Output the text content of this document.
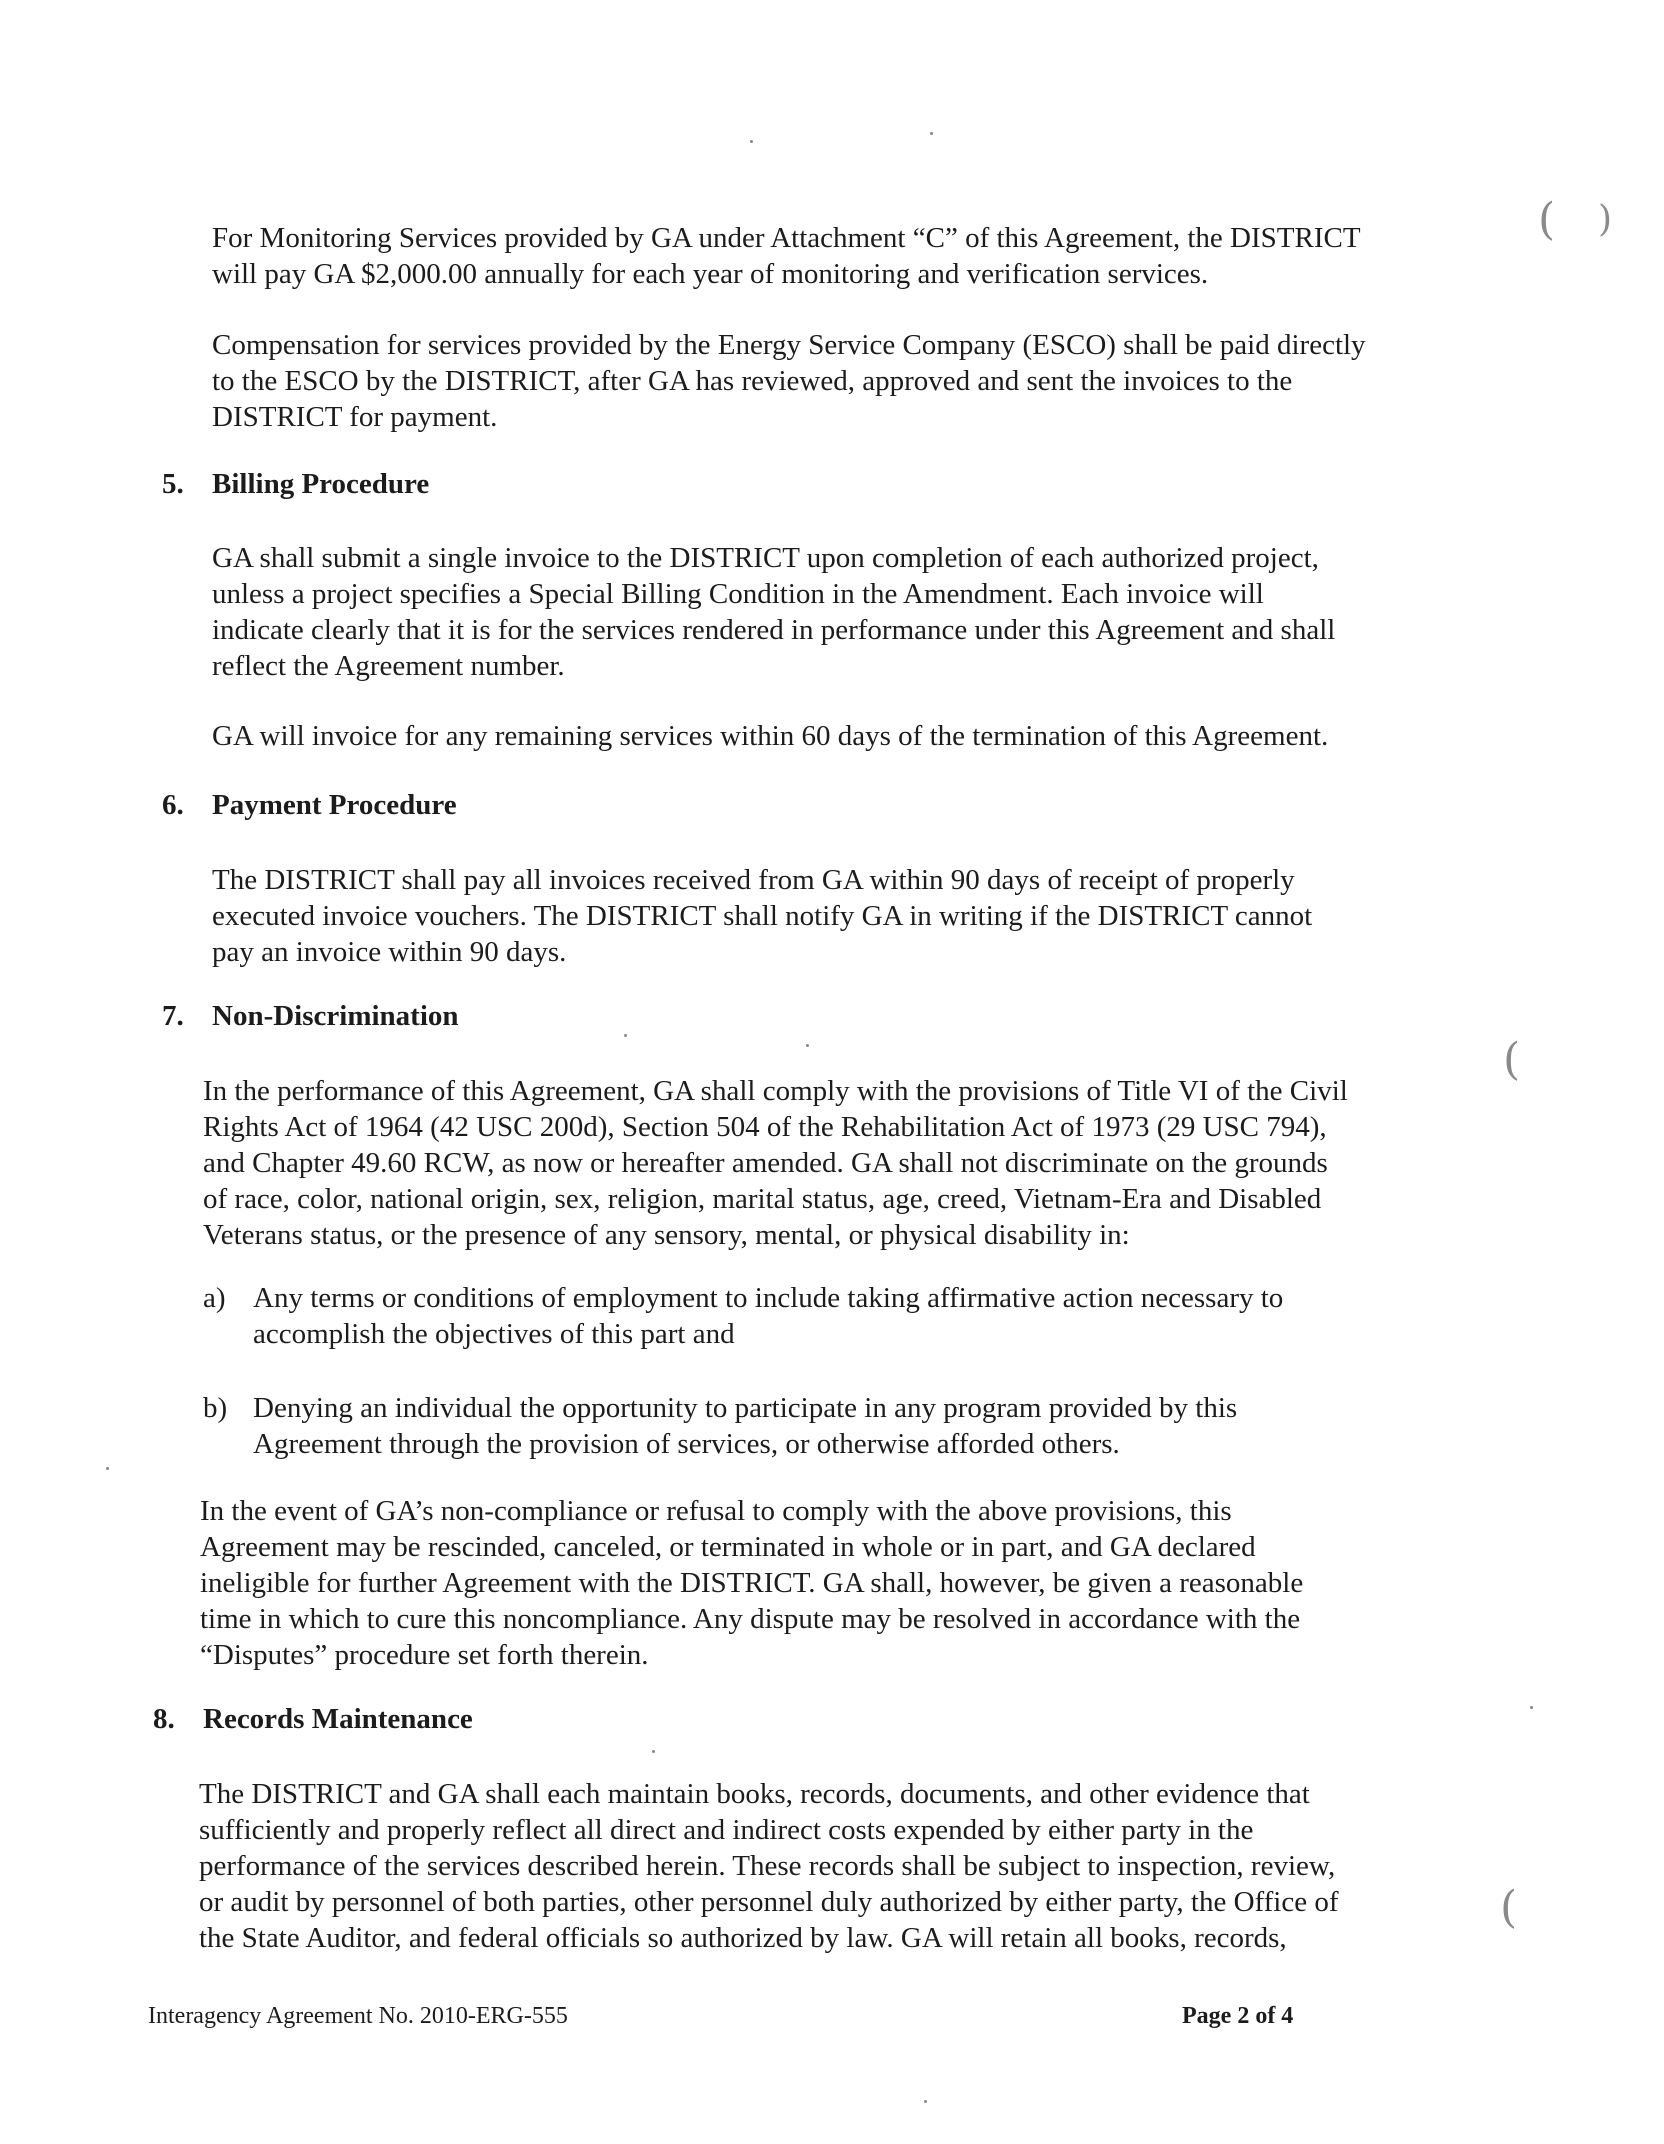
For Monitoring Services provided by GA under Attachment “C” of this Agreement, the DISTRICT
will pay GA $2,000.00 annually for each year of monitoring and verification services.
Compensation for services provided by the Energy Service Company (ESCO) shall be paid directly
to the ESCO by the DISTRICT, after GA has reviewed, approved and sent the invoices to the
DISTRICT for payment.
5. Billing Procedure
GA shall submit a single invoice to the DISTRICT upon completion of each authorized project,
unless a project specifies a Special Billing Condition in the Amendment. Each invoice will
indicate clearly that it is for the services rendered in performance under this Agreement and shall
reflect the Agreement number.
GA will invoice for any remaining services within 60 days of the termination of this Agreement.
6. Payment Procedure
The DISTRICT shall pay all invoices received from GA within 90 days of receipt of properly
executed invoice vouchers. The DISTRICT shall notify GA in writing if the DISTRICT cannot
pay an invoice within 90 days.
7. Non-Discrimination
In the performance of this Agreement, GA shall comply with the provisions of Title VI of the Civil
Rights Act of 1964 (42 USC 200d), Section 504 of the Rehabilitation Act of 1973 (29 USC 794),
and Chapter 49.60 RCW, as now or hereafter amended. GA shall not discriminate on the grounds
of race, color, national origin, sex, religion, marital status, age, creed, Vietnam-Era and Disabled
Veterans status, or the presence of any sensory, mental, or physical disability in:
a) Any terms or conditions of employment to include taking affirmative action necessary to
accomplish the objectives of this part and
b) Denying an individual the opportunity to participate in any program provided by this
Agreement through the provision of services, or otherwise afforded others.
In the event of GA’s non-compliance or refusal to comply with the above provisions, this
Agreement may be rescinded, canceled, or terminated in whole or in part, and GA declared
ineligible for further Agreement with the DISTRICT. GA shall, however, be given a reasonable
time in which to cure this noncompliance. Any dispute may be resolved in accordance with the
“Disputes” procedure set forth therein.
8. Records Maintenance
The DISTRICT and GA shall each maintain books, records, documents, and other evidence that
sufficiently and properly reflect all direct and indirect costs expended by either party in the
performance of the services described herein. These records shall be subject to inspection, review,
or audit by personnel of both parties, other personnel duly authorized by either party, the Office of
the State Auditor, and federal officials so authorized by law. GA will retain all books, records,
Interagency Agreement No. 2010-ERG-555	Page 2 of 4
( )
(
(
